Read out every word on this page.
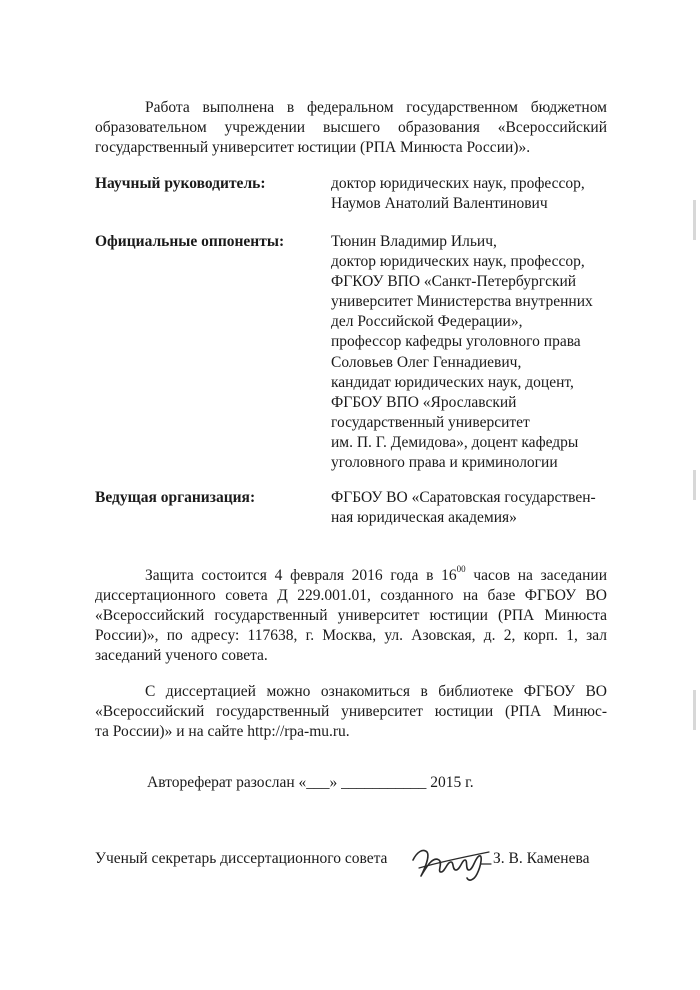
Работа выполнена в федеральном государственном бюджетном
образовательном учреждении высшего образования «Всероссийский
государственный университет юстиции (РПА Минюста России)».
Научный руководитель:	доктор юридических наук, профессор,
Наумов Анатолий Валентинович
Официальные оппоненты:	Тюнин Владимир Ильич,
доктор юридических наук, профессор,
ФГКОУ ВПО «Санкт-Петербургский
университет Министерства внутренних
дел Российской Федерации»,
профессор кафедры уголовного права
Соловьев Олег Геннадиевич,
кандидат юридических наук, доцент,
ФГБОУ ВПО «Ярославский
государственный университет
им. П. Г. Демидова», доцент кафедры
уголовного права и криминологии
Ведущая организация:	ФГБОУ ВО «Саратовская государствен-
ная юридическая академия»
Защита состоится 4 февраля 2016 года в $16^{00}$ часов на заседании
диссертационного совета Д 229.001.01, созданного на базе ФГБОУ ВО
«Всероссийский государственный университет юстиции (РПА Минюста
России)», по адресу: 117638, г. Москва, ул. Азовская, д. 2, корп. 1, зал
заседаний ученого совета.
С диссертацией можно ознакомиться в библиотеке ФГБОУ ВО
«Всероссийский государственный университет юстиции (РПА Минюс-
та России)» и на сайте http://rpa-mu.ru.
Автореферат разослан «___» ___________ 2015 г.
Ученый секретарь диссертационного совета	З. В. Каменева
